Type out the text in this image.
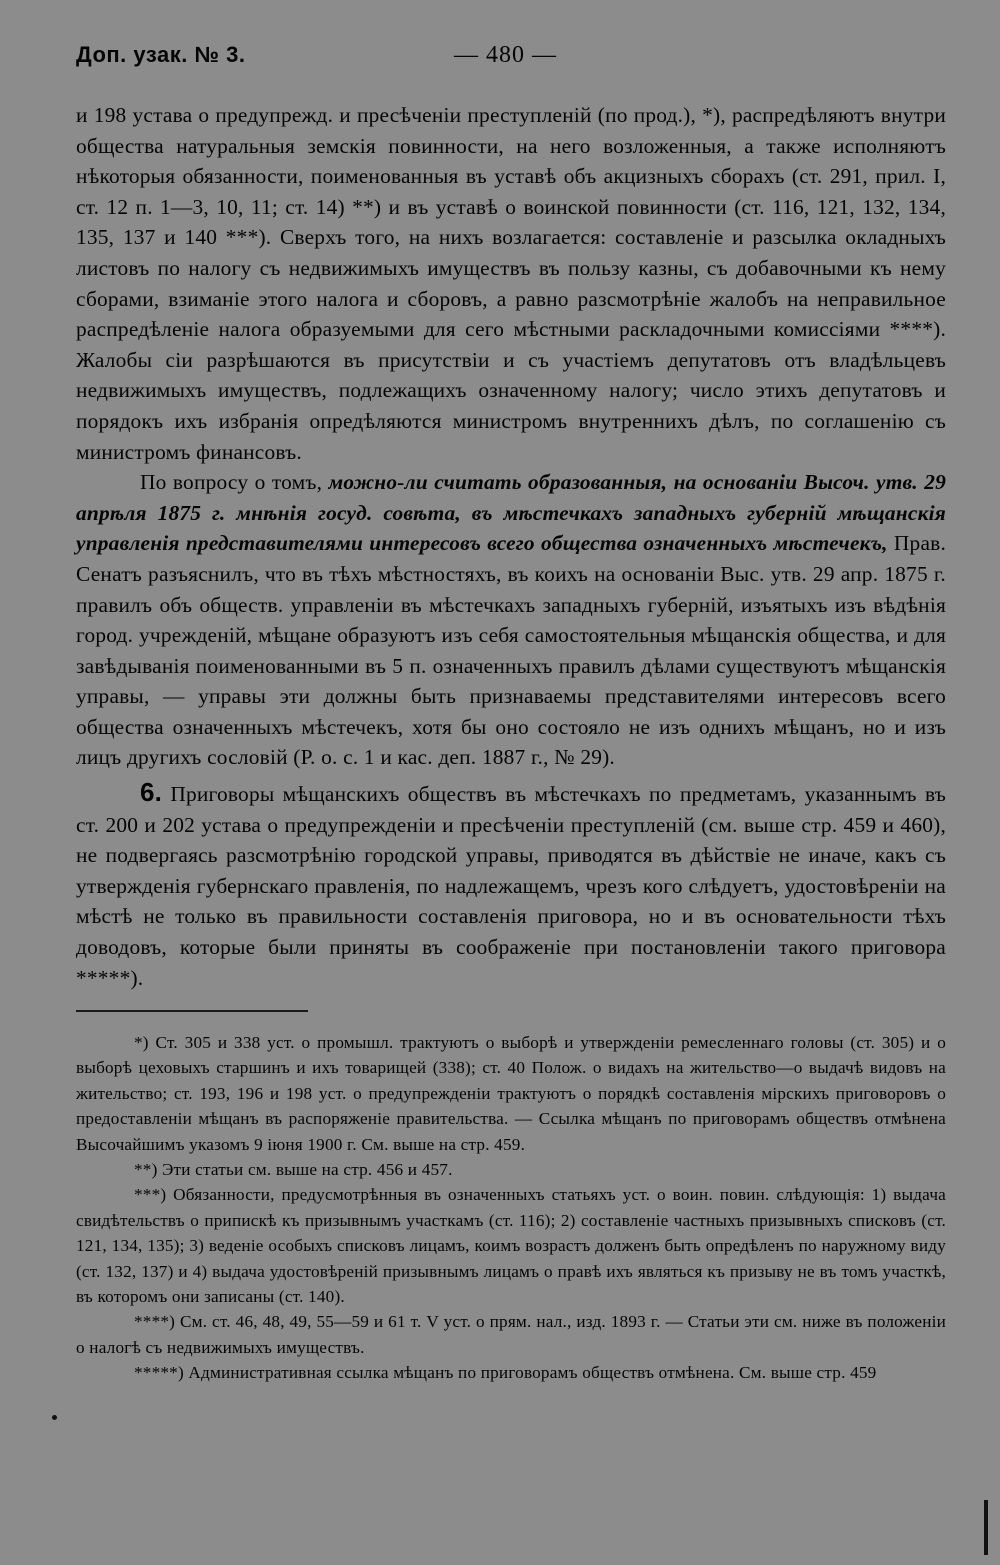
Доп. узак. № 3.	— 480 —

и 198 устава о предупрежд. и пресѣченіи преступленій (по прод.), *), распредѣляютъ внутри общества натуральныя земскія повинности, на него возложенныя, а также исполняютъ нѣкоторыя обязанности, поименованныя въ уставѣ объ акцизныхъ сборахъ (ст. 291, прил. I, ст. 12 п. 1—3, 10, 11; ст. 14) **) и въ уставѣ о воинской повинности (ст. 116, 121, 132, 134, 135, 137 и 140 ***). Сверхъ того, на нихъ возлагается: составленіе и разсылка окладныхъ листовъ по налогу съ недвижимыхъ имуществъ въ пользу казны, съ добавочными къ нему сборами, взиманіе этого налога и сборовъ, а равно разсмотрѣніе жалобъ на неправильное распредѣленіе налога образуемыми для сего мѣстными раскладочными комиссіями ****). Жалобы сіи разрѣшаются въ присутствіи и съ участіемъ депутатовъ отъ владѣльцевъ недвижимыхъ имуществъ, подлежащихъ означенному налогу; число этихъ депутатовъ и порядокъ ихъ избранія опредѣляются министромъ внутреннихъ дѣлъ, по соглашенію съ министромъ финансовъ.

По вопросу о томъ, можно-ли считать образованныя, на основаніи Высоч. утв. 29 апрѣля 1875 г. мнѣнія госуд. совѣта, въ мѣстечкахъ западныхъ губерній мѣщанскія управленія представителями интересовъ всего общества означенныхъ мѣстечекъ, Прав. Сенатъ разъяснилъ, что въ тѣхъ мѣстностяхъ, въ коихъ на основаніи Выс. утв. 29 апр. 1875 г. правилъ объ обществ. управленіи въ мѣстечкахъ западныхъ губерній, изъятыхъ изъ вѣдѣнія город. учрежденій, мѣщане образуютъ изъ себя самостоятельныя мѣщанскія общества, и для завѣдыванія поименованными въ 5 п. означенныхъ правилъ дѣлами существуютъ мѣщанскія управы, — управы эти должны быть признаваемы представителями интересовъ всего общества означенныхъ мѣстечекъ, хотя бы оно состояло не изъ однихъ мѣщанъ, но и изъ лицъ другихъ сословій (Р. о. с. 1 и кас. деп. 1887 г., № 29).

6. Приговоры мѣщанскихъ обществъ въ мѣстечкахъ по предметамъ, указаннымъ въ ст. 200 и 202 устава о предупрежденіи и пресѣченіи преступленій (см. выше стр. 459 и 460), не подвергаясь разсмотрѣнію городской управы, приводятся въ дѣйствіе не иначе, какъ съ утвержденія губернскаго правленія, по надлежащемъ, чрезъ кого слѣдуетъ, удостовѣреніи на мѣстѣ не только въ правильности составленія приговора, но и въ основательности тѣхъ доводовъ, которые были приняты въ соображеніе при постановленіи такого приговора *****).

*) Ст. 305 и 338 уст. о промышл. трактуютъ о выборѣ и утвержденіи ремесленнаго головы (ст. 305) и о выборѣ цеховыхъ старшинъ и ихъ товарищей (338); ст. 40 Полож. о видахъ на жительство—о выдачѣ видовъ на жительство; ст. 193, 196 и 198 уст. о предупрежденіи трактуютъ о порядкѣ составленія мірскихъ приговоровъ о предоставленіи мѣщанъ въ распоряженіе правительства. — Ссылка мѣщанъ по приговорамъ обществъ отмѣнена Высочайшимъ указомъ 9 іюня 1900 г. См. выше на стр. 459.

**) Эти статьи см. выше на стр. 456 и 457.

***) Обязанности, предусмотрѣнныя въ означенныхъ статьяхъ уст. о воин. повин. слѣдующія: 1) выдача свидѣтельствъ о припискѣ къ призывнымъ участкамъ (ст. 116); 2) составленіе частныхъ призывныхъ списковъ (ст. 121, 134, 135); 3) веденіе особыхъ списковъ лицамъ, коимъ возрастъ долженъ быть опредѣленъ по наружному виду (ст. 132, 137) и 4) выдача удостовѣреній призывнымъ лицамъ о правѣ ихъ являться къ призыву не въ томъ участкѣ, въ которомъ они записаны (ст. 140).

****) См. ст. 46, 48, 49, 55—59 и 61 т. V уст. о прям. нал., изд. 1893 г. — Статьи эти см. ниже въ положеніи о налогѣ съ недвижимыхъ имуществъ.

*****) Административная ссылка мѣщанъ по приговорамъ обществъ отмѣнена. См. выше стр. 459
